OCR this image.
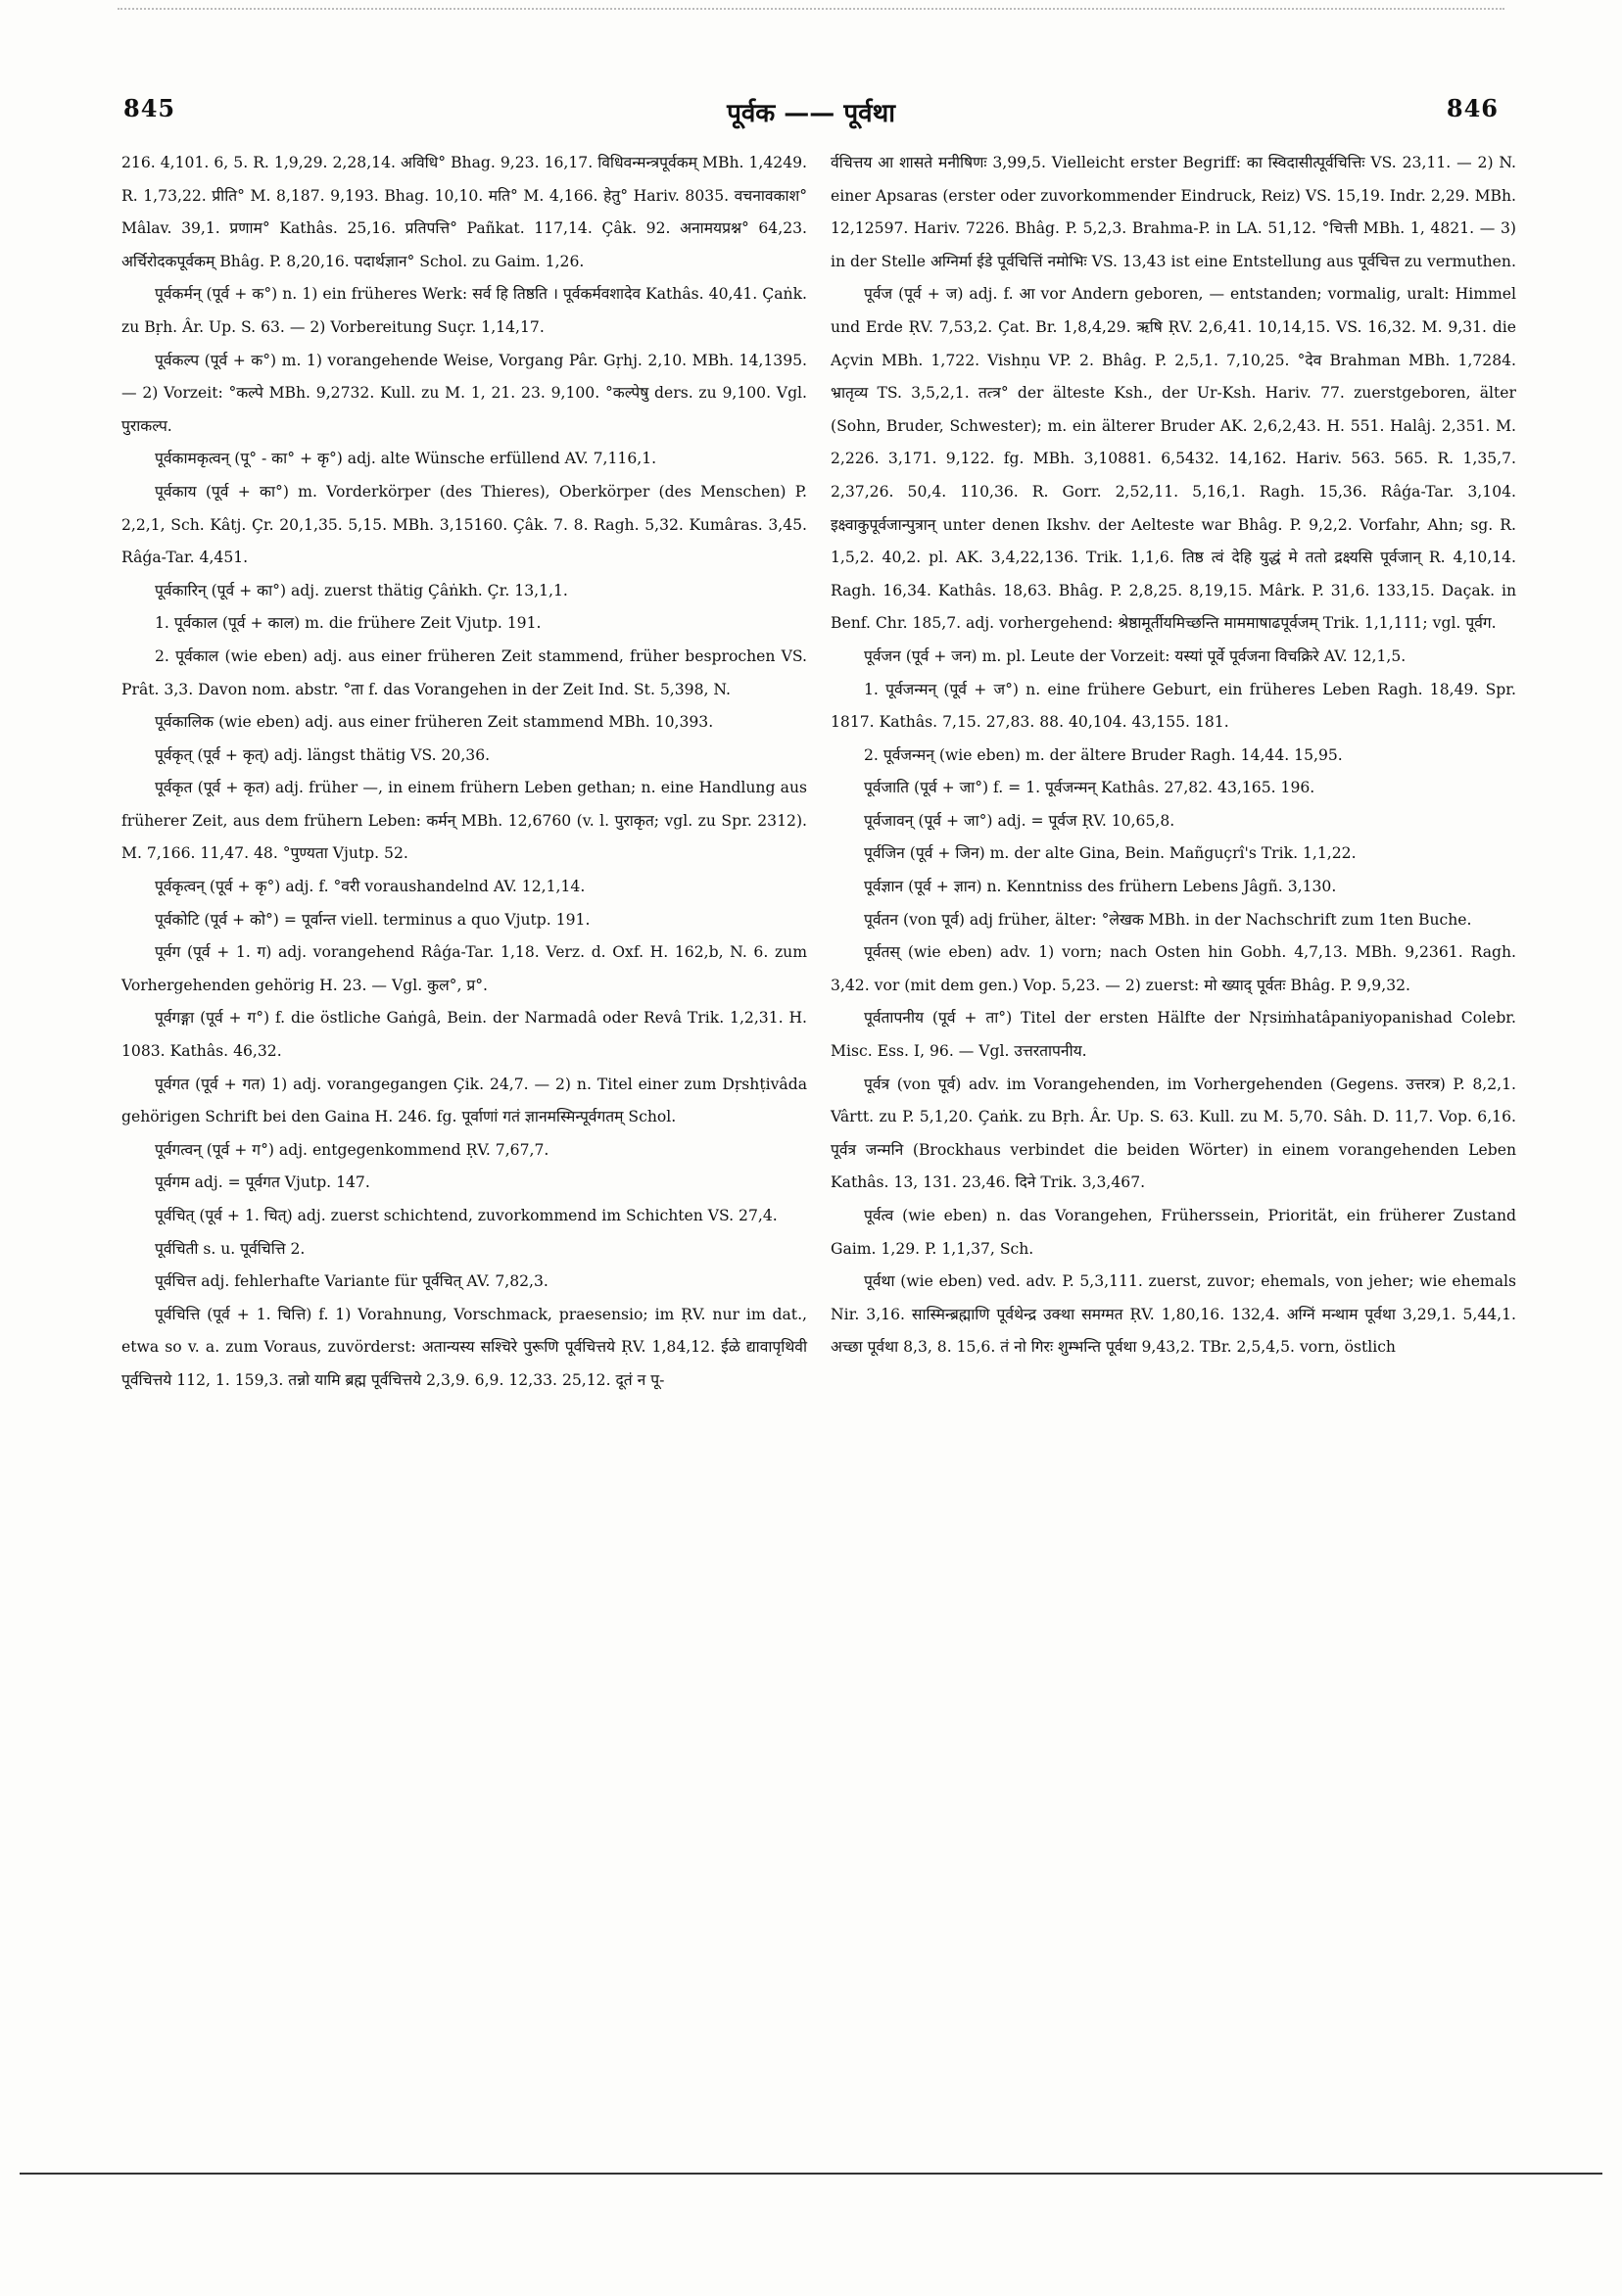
845	पूर्वक —— पूर्वथा	846

216. 4,101. 6, 5. R. 1,9,29. 2,28,14. अविधि° Bhag. 9,23. 16,17. विधिवन्मन्त्रपूर्वकम् MBh. 1,4249. R. 1,73,22. प्रीति° M. 8,187. 9,193. Bhag. 10,10. मति° M. 4,166. हेतु° Hariv. 8035. वचनावकाश° Mâlav. 39,1. प्रणाम° Kathâs. 25,16. प्रतिपत्ति° Pañkat. 117,14. Çâk. 92. अनामयप्रश्न° 64,23. अर्चिरोदकपूर्वकम् Bhâg. P. 8,20,16. पदार्थज्ञान° Schol. zu Gaim. 1,26.

पूर्वकर्मन् (पूर्व + क°) n. 1) ein früheres Werk: सर्व हि तिष्ठति । पूर्वकर्मवशादेव Kathâs. 40,41. Çaṅk. zu Bṛh. Âr. Up. S. 63. — 2) Vorbereitung Suçr. 1,14,17.

पूर्वकल्प (पूर्व + क°) m. 1) vorangehende Weise, Vorgang Pâr. Gṛhj. 2,10. MBh. 14,1395. — 2) Vorzeit: °कल्पे MBh. 9,2732. Kull. zu M. 1, 21. 23. 9,100. °कल्पेषु ders. zu 9,100. Vgl. पुराकल्प.

पूर्वकामकृत्वन् (पू° - का° + कृ°) adj. alte Wünsche erfüllend AV. 7,116,1.

पूर्वकाय (पूर्व + का°) m. Vorderkörper (des Thieres), Oberkörper (des Menschen) P. 2,2,1, Sch. Kâtj. Çr. 20,1,35. 5,15. MBh. 3,15160. Çâk. 7. 8. Ragh. 5,32. Kumâras. 3,45. Râǵa-Tar. 4,451.

पूर्वकारिन् (पूर्व + का°) adj. zuerst thätig Çâṅkh. Çr. 13,1,1.

1. पूर्वकाल (पूर्व + काल) m. die frühere Zeit Vjutp. 191.

2. पूर्वकाल (wie eben) adj. aus einer früheren Zeit stammend, früher besprochen VS. Prât. 3,3. Davon nom. abstr. °ता f. das Vorangehen in der Zeit Ind. St. 5,398, N.

पूर्वकालिक (wie eben) adj. aus einer früheren Zeit stammend MBh. 10,393.

पूर्वकृत् (पूर्व + कृत्) adj. längst thätig VS. 20,36.

पूर्वकृत (पूर्व + कृत) adj. früher —, in einem frühern Leben gethan; n. eine Handlung aus früherer Zeit, aus dem frühern Leben: कर्मन् MBh. 12,6760 (v. l. पुराकृत; vgl. zu Spr. 2312). M. 7,166. 11,47. 48. °पुण्यता Vjutp. 52.

पूर्वकृत्वन् (पूर्व + कृ°) adj. f. °वरी voraushandelnd AV. 12,1,14.

पूर्वकोटि (पूर्व + को°) = पूर्वान्त viell. terminus a quo Vjutp. 191.

पूर्वग (पूर्व + 1. ग) adj. vorangehend Râǵa-Tar. 1,18. Verz. d. Oxf. H. 162,b, N. 6. zum Vorhergehenden gehörig H. 23. — Vgl. कुल°, प्र°.

पूर्वगङ्गा (पूर्व + ग°) f. die östliche Gaṅgâ, Bein. der Narmadâ oder Revâ Trik. 1,2,31. H. 1083. Kathâs. 46,32.

पूर्वगत (पूर्व + गत) 1) adj. vorangegangen Çik. 24,7. — 2) n. Titel einer zum Dṛshṭivâda gehörigen Schrift bei den Gaina H. 246. fg. पूर्वाणां गतं ज्ञानमस्मिन्पूर्वगतम् Schol.

पूर्वगत्वन् (पूर्व + ग°) adj. entgegenkommend ṚV. 7,67,7.

पूर्वगम adj. = पूर्वगत Vjutp. 147.

पूर्वचित् (पूर्व + 1. चित्) adj. zuerst schichtend, zuvorkommend im Schichten VS. 27,4.

पूर्वचिती s. u. पूर्वचित्ति 2.

पूर्वचित्त adj. fehlerhafte Variante für पूर्वचित् AV. 7,82,3.

पूर्वचित्ति (पूर्व + 1. चित्ति) f. 1) Vorahnung, Vorschmack, praesensio; im ṚV. nur im dat., etwa so v. a. zum Voraus, zuvörderst: अतान्यस्य सश्चिरे पुरूणि पूर्वचित्तये ṚV. 1,84,12. ईळे द्यावापृथिवी पूर्वचित्तये 112, 1. 159,3. तन्नो यामि ब्रह्म पूर्वचित्तये 2,3,9. 6,9. 12,33. 25,12. दूतं न पू-

र्वचित्तय आ शासते मनीषिणः 3,99,5. Vielleicht erster Begriff: का स्विदासीत्पूर्वचित्तिः VS. 23,11. — 2) N. einer Apsaras (erster oder zuvorkommender Eindruck, Reiz) VS. 15,19. Indr. 2,29. MBh. 12,12597. Hariv. 7226. Bhâg. P. 5,2,3. Brahma-P. in LA. 51,12. °चित्ती MBh. 1, 4821. — 3) in der Stelle अग्निर्मा ईडे पूर्वचित्तिं नमोभिः VS. 13,43 ist eine Entstellung aus पूर्वचित्त zu vermuthen.

पूर्वज (पूर्व + ज) adj. f. आ vor Andern geboren, — entstanden; vormalig, uralt: Himmel und Erde ṚV. 7,53,2. Çat. Br. 1,8,4,29. ऋषि ṚV. 2,6,41. 10,14,15. VS. 16,32. M. 9,31. die Açvin MBh. 1,722. Vishṇu VP. 2. Bhâg. P. 2,5,1. 7,10,25. °देव Brahman MBh. 1,7284. भ्रातृव्य TS. 3,5,2,1. तत्त्र° der älteste Ksh., der Ur-Ksh. Hariv. 77. zuerstgeboren, älter (Sohn, Bruder, Schwester); m. ein älterer Bruder AK. 2,6,2,43. H. 551. Halâj. 2,351. M. 2,226. 3,171. 9,122. fg. MBh. 3,10881. 6,5432. 14,162. Hariv. 563. 565. R. 1,35,7. 2,37,26. 50,4. 110,36. R. Gorr. 2,52,11. 5,16,1. Ragh. 15,36. Râǵa-Tar. 3,104. इक्ष्वाकुपूर्वजान्पुत्रान् unter denen Ikshv. der Aelteste war Bhâg. P. 9,2,2. Vorfahr, Ahn; sg. R. 1,5,2. 40,2. pl. AK. 3,4,22,136. Trik. 1,1,6. तिष्ठ त्वं देहि युद्धं मे ततो द्रक्ष्यसि पूर्वजान् R. 4,10,14. Ragh. 16,34. Kathâs. 18,63. Bhâg. P. 2,8,25. 8,19,15. Mârk. P. 31,6. 133,15. Daçak. in Benf. Chr. 185,7. adj. vorhergehend: श्रेष्ठामूर्तीयमिच्छन्ति माममाषाढपूर्वजम् Trik. 1,1,111; vgl. पूर्वग.

पूर्वजन (पूर्व + जन) m. pl. Leute der Vorzeit: यस्यां पूर्वे पूर्वजना विचक्रिरे AV. 12,1,5.

1. पूर्वजन्मन् (पूर्व + ज°) n. eine frühere Geburt, ein früheres Leben Ragh. 18,49. Spr. 1817. Kathâs. 7,15. 27,83. 88. 40,104. 43,155. 181.

2. पूर्वजन्मन् (wie eben) m. der ältere Bruder Ragh. 14,44. 15,95.

पूर्वजाति (पूर्व + जा°) f. = 1. पूर्वजन्मन् Kathâs. 27,82. 43,165. 196.

पूर्वजावन् (पूर्व + जा°) adj. = पूर्वज ṚV. 10,65,8.

पूर्वजिन (पूर्व + जिन) m. der alte Gina, Bein. Mañguçrî's Trik. 1,1,22.

पूर्वज्ञान (पूर्व + ज्ञान) n. Kenntniss des frühern Lebens Jâgñ. 3,130.

पूर्वतन (von पूर्व) adj früher, älter: °लेखक MBh. in der Nachschrift zum 1ten Buche.

पूर्वतस् (wie eben) adv. 1) vorn; nach Osten hin Gobh. 4,7,13. MBh. 9,2361. Ragh. 3,42. vor (mit dem gen.) Vop. 5,23. — 2) zuerst: मो ख्याद् पूर्वतः Bhâg. P. 9,9,32.

पूर्वतापनीय (पूर्व + ता°) Titel der ersten Hälfte der Nṛsiṁhatâpaniyopanishad Colebr. Misc. Ess. I, 96. — Vgl. उत्तरतापनीय.

पूर्वत्र (von पूर्व) adv. im Vorangehenden, im Vorhergehenden (Gegens. उत्तरत्र) P. 8,2,1. Vârtt. zu P. 5,1,20. Çaṅk. zu Bṛh. Âr. Up. S. 63. Kull. zu M. 5,70. Sâh. D. 11,7. Vop. 6,16. पूर्वत्र जन्मनि (Brockhaus verbindet die beiden Wörter) in einem vorangehenden Leben Kathâs. 13, 131. 23,46. दिने Trik. 3,3,467.

पूर्वत्व (wie eben) n. das Vorangehen, Früherssein, Priorität, ein früherer Zustand Gaim. 1,29. P. 1,1,37, Sch.

पूर्वथा (wie eben) ved. adv. P. 5,3,111. zuerst, zuvor; ehemals, von jeher; wie ehemals Nir. 3,16. सास्मिन्ब्रह्माणि पूर्वथेन्द्र उक्था समग्मत ṚV. 1,80,16. 132,4. अग्निं मन्थाम पूर्वथा 3,29,1. 5,44,1. अच्छा पूर्वथा 8,3, 8. 15,6. तं नो गिरः शुम्भन्ति पूर्वथा 9,43,2. TBr. 2,5,4,5. vorn, östlich
